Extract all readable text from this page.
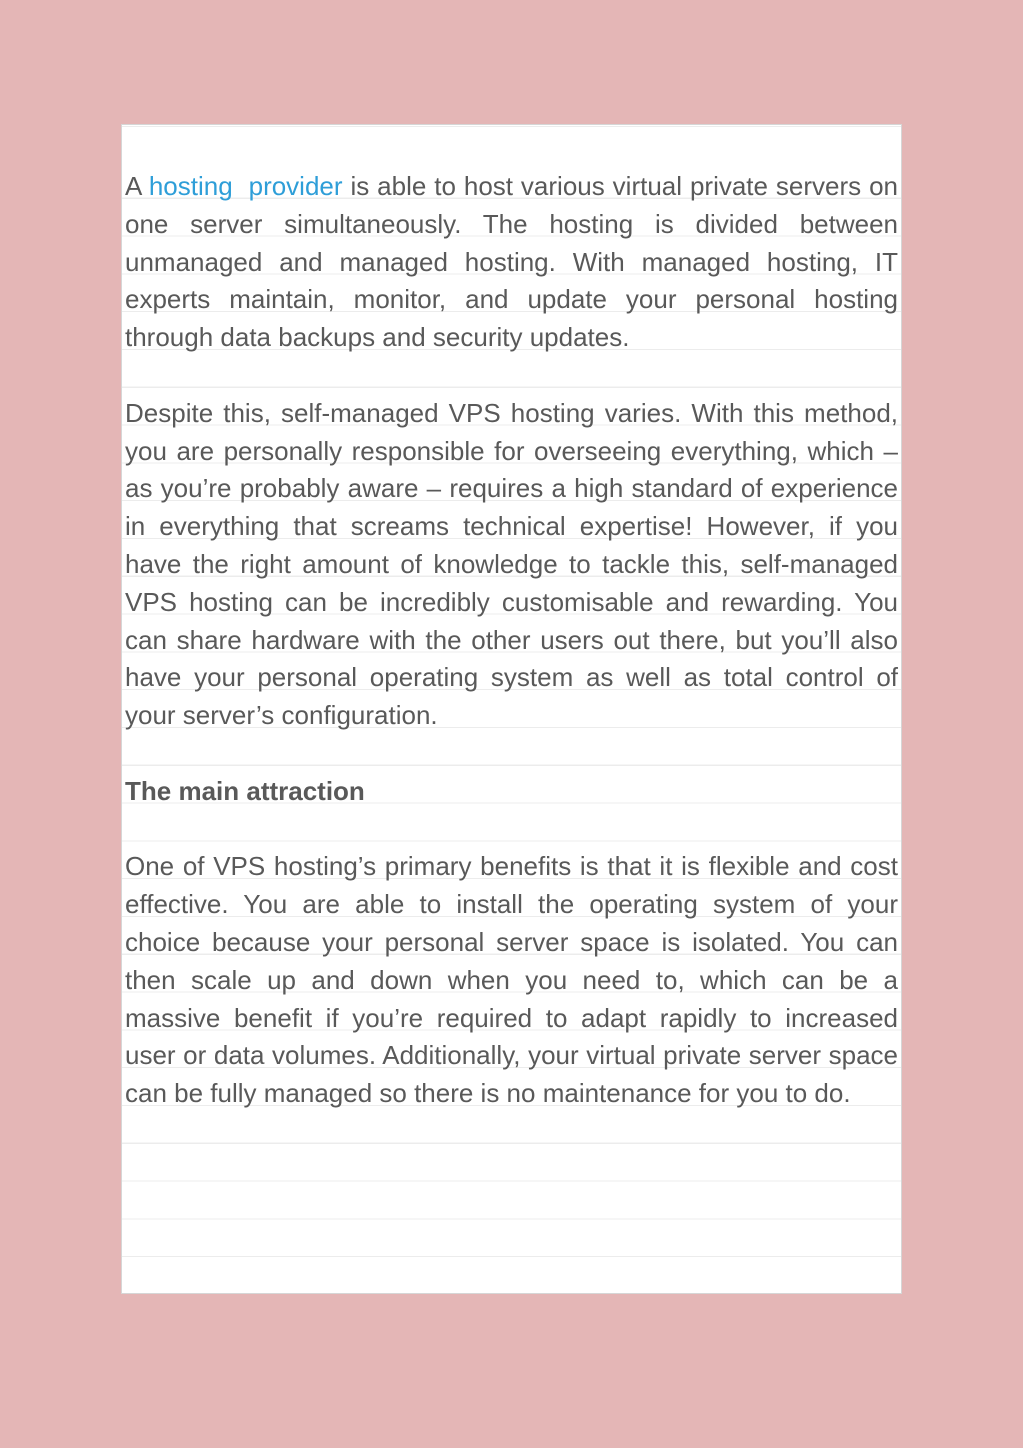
A hosting provider is able to host various virtual private servers on one server simultaneously. The hosting is divided between unmanaged and managed hosting. With managed hosting, IT experts maintain, monitor, and update your personal hosting through data backups and security updates.

Despite this, self-managed VPS hosting varies. With this method, you are personally responsible for overseeing everything, which – as you’re probably aware – requires a high standard of experience in everything that screams technical expertise! However, if you have the right amount of knowledge to tackle this, self-managed VPS hosting can be incredibly customisable and rewarding. You can share hardware with the other users out there, but you’ll also have your personal operating system as well as total control of your server’s configuration.

The main attraction

One of VPS hosting’s primary benefits is that it is flexible and cost effective. You are able to install the operating system of your choice because your personal server space is isolated. You can then scale up and down when you need to, which can be a massive benefit if you’re required to adapt rapidly to increased user or data volumes. Additionally, your virtual private server space can be fully managed so there is no maintenance for you to do.
